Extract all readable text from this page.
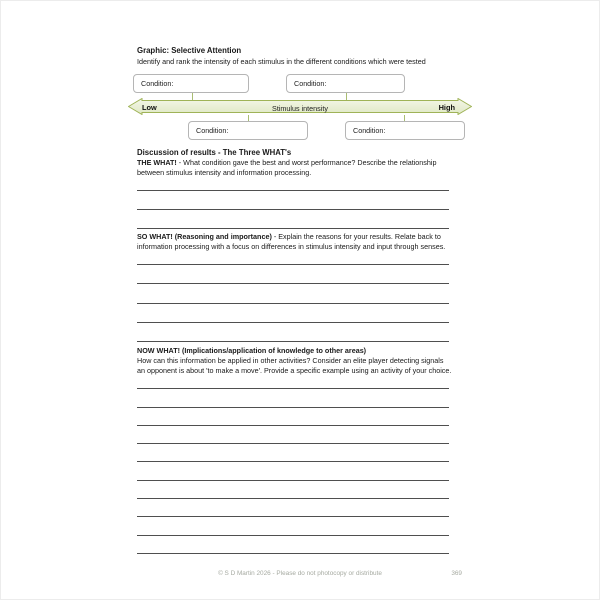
Graphic: Selective Attention
Identify and rank the intensity of each stimulus in the different conditions which were tested
Condition:	Condition:
Low	Stimulus intensity	High
Condition:	Condition:
Discussion of results - The Three WHAT's
THE WHAT! - What condition gave the best and worst performance? Describe the relationship between stimulus intensity and information processing.
SO WHAT! (Reasoning and importance) - Explain the reasons for your results. Relate back to information processing with a focus on differences in stimulus intensity and input through senses.
NOW WHAT! (Implications/application of knowledge to other areas)
How can this information be applied in other activities? Consider an elite player detecting signals an opponent is about 'to make a move'. Provide a specific example using an activity of your choice.
© S D Martin 2026 - Please do not photocopy or distribute	369
